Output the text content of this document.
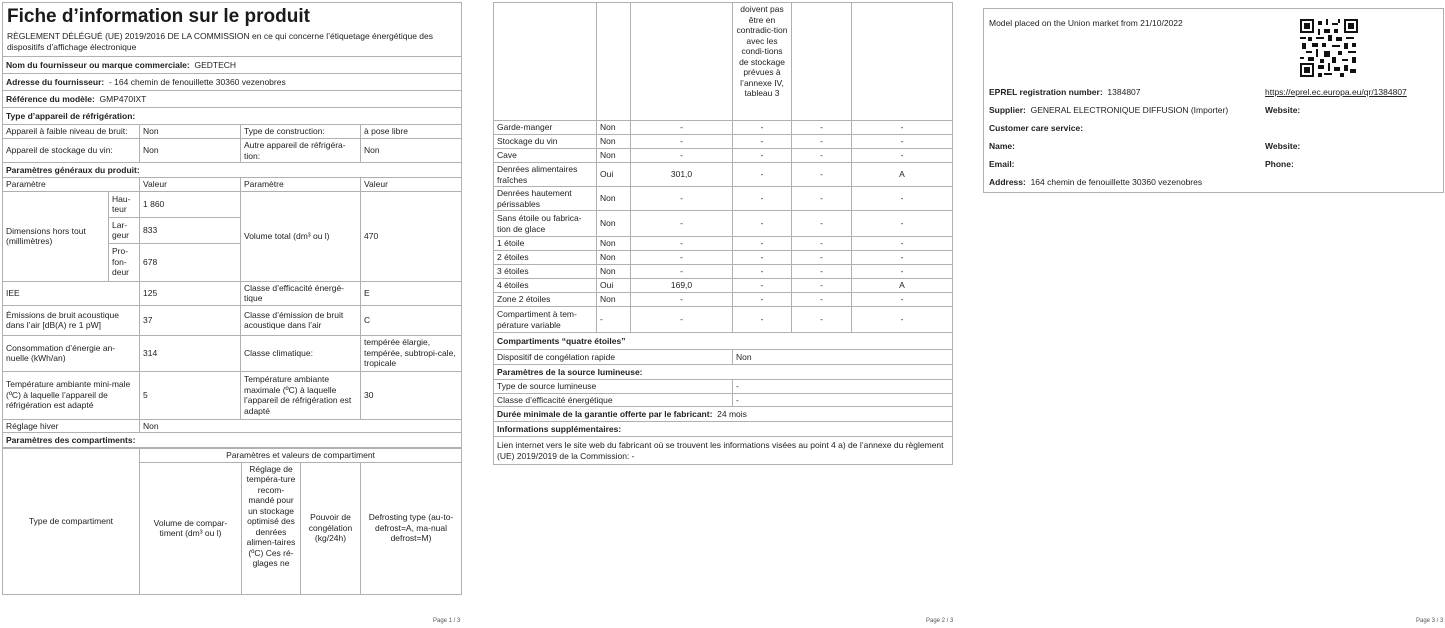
Fiche d’information sur le produit
RÈGLEMENT DÉLÉGUÉ (UE) 2019/2016 DE LA COMMISSION en ce qui concerne l’étiquetage énergétique des dispositifs d’affichage électronique				

Nom du fournisseur ou marque commerciale: GEDTECH				
Adresse du fournisseur: - 164 chemin de fenouillette 30360 vezenobres				
Référence du modèle: GMP470IXT				
Type d’appareil de réfrigération:				
Appareil à faible niveau de bruit:		Non	Type de construction:	à pose libre
Appareil de stockage du vin:		Non	Autre appareil de réfrigéra-tion:	Non
Paramètres généraux du produit:				
Paramètre		Valeur	Paramètre	Valeur
Dimensions hors tout (millimètres)	Hau-teur	1 860	Volume total (dm³ ou l)	470
	Lar-geur	833		
	Pro-fon-deur	678		
IEE		125	Classe d’efficacité énergé-tique	E
Émissions de bruit acoustique dans l’air [dB(A) re 1 pW]		37	Classe d’émission de bruit acoustique dans l’air	C
Consommation d’énergie an-nuelle (kWh/an)		314	Classe climatique:	tempérée élargie, tempérée, subtropi-cale, tropicale
Température ambiante mini-male (ºC) à laquelle l’appareil de réfrigération est adapté		5	Température ambiante maximale (ºC) à laquelle l’appareil de réfrigération est adapté	30
Réglage hiver		Non		
Paramètres des compartiments:				
Type de compartiment	Paramètres et valeurs de compartiment			
	Volume de compar-timent (dm³ ou l)	Réglage de tempéra-ture recom-mandé pour un stockage optimisé des denrées alimen-taires (ºC) Ces ré-glages ne	Pouvoir de congélation (kg/24h)	Defrosting type (au-to-defrost=A, ma-nual defrost=M)
Page 1 / 3
			doivent pas être en contradic-tion avec les condi-tions de stockage prévues à l’annexe IV, tableau 3		
Garde-manger	Non	-	-	-	-
Stockage du vin	Non	-	-	-	-
Cave	Non	-	-	-	-
Denrées alimentaires fraîches	Oui	301,0	-	-	A
Denrées hautement périssables	Non	-	-	-	-
Sans étoile ou fabrica-tion de glace	Non	-	-	-	-
1 étoile	Non	-	-	-	-
2 étoiles	Non	-	-	-	-
3 étoiles	Non	-	-	-	-
4 étoiles	Oui	169,0	-	-	A
Zone 2 étoiles	Non	-	-	-	-
Compartiment à tem-pérature variable	-	-	-	-	-
Compartiments “quatre étoiles”					
Dispositif de congélation rapide			Non		
Paramètres de la source lumineuse:					
Type de source lumineuse			-		
Classe d’efficacité énergétique			-		
Durée minimale de la garantie offerte par le fabricant: 24 mois					
Informations supplémentaires:					
Lien internet vers le site web du fabricant où se trouvent les informations visées au point 4 a) de l’annexe du règlement (UE) 2019/2019 de la Commission: -					
Page 2 / 3
Model placed on the Union market from 21/10/2022
EPREL registration number: 1384807	https://eprel.ec.europa.eu/qr/1384807
Supplier: GENERAL ELECTRONIQUE DIFFUSION (Importer)	Website:
Customer care service:
Name:	Website:
Email:	Phone:
Address: 164 chemin de fenouillette 30360 vezenobres
Page 3 / 3
